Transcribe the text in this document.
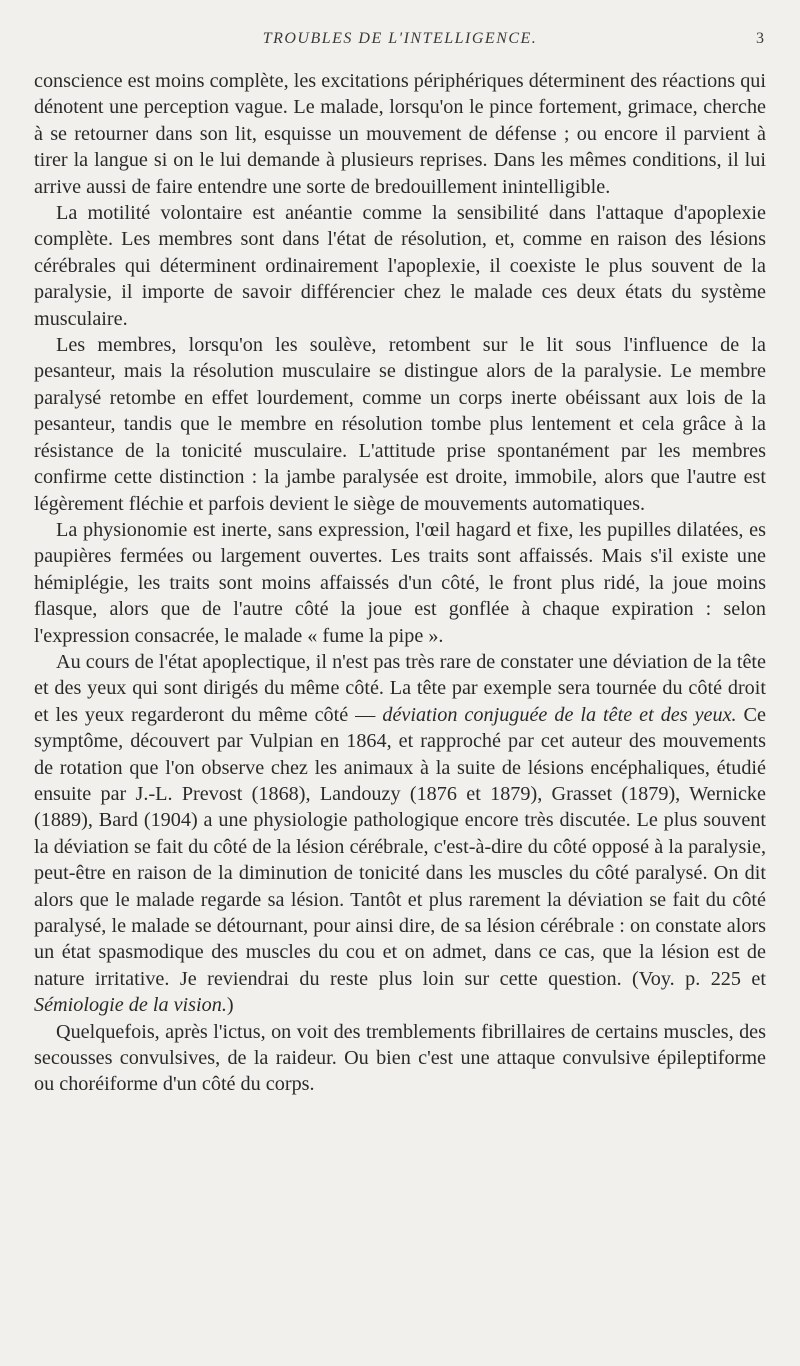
TROUBLES DE L'INTELLIGENCE.	3

conscience est moins complète, les excitations périphériques déterminent des réactions qui dénotent une perception vague. Le malade, lorsqu'on le pince fortement, grimace, cherche à se retourner dans son lit, esquisse un mouvement de défense ; ou encore il parvient à tirer la langue si on le lui demande à plusieurs reprises. Dans les mêmes conditions, il lui arrive aussi de faire entendre une sorte de bredouillement inintelligible.

La motilité volontaire est anéantie comme la sensibilité dans l'attaque d'apoplexie complète. Les membres sont dans l'état de résolution, et, comme en raison des lésions cérébrales qui déterminent ordinairement l'apoplexie, il coexiste le plus souvent de la paralysie, il importe de savoir différencier chez le malade ces deux états du système musculaire.

Les membres, lorsqu'on les soulève, retombent sur le lit sous l'influence de la pesanteur, mais la résolution musculaire se distingue alors de la paralysie. Le membre paralysé retombe en effet lourdement, comme un corps inerte obéissant aux lois de la pesanteur, tandis que le membre en résolution tombe plus lentement et cela grâce à la résistance de la tonicité musculaire. L'attitude prise spontanément par les membres confirme cette distinction : la jambe paralysée est droite, immobile, alors que l'autre est légèrement fléchie et parfois devient le siège de mouvements automatiques.

La physionomie est inerte, sans expression, l'œil hagard et fixe, les pupilles dilatées, es paupières fermées ou largement ouvertes. Les traits sont affaissés. Mais s'il existe une hémiplégie, les traits sont moins affaissés d'un côté, le front plus ridé, la joue moins flasque, alors que de l'autre côté la joue est gonflée à chaque expiration : selon l'expression consacrée, le malade « fume la pipe ».

Au cours de l'état apoplectique, il n'est pas très rare de constater une déviation de la tête et des yeux qui sont dirigés du même côté. La tête par exemple sera tournée du côté droit et les yeux regarderont du même côté — déviation conjuguée de la tête et des yeux. Ce symptôme, découvert par Vulpian en 1864, et rapproché par cet auteur des mouvements de rotation que l'on observe chez les animaux à la suite de lésions encéphaliques, étudié ensuite par J.-L. Prevost (1868), Landouzy (1876 et 1879), Grasset (1879), Wernicke (1889), Bard (1904) a une physiologie pathologique encore très discutée. Le plus souvent la déviation se fait du côté de la lésion cérébrale, c'est-à-dire du côté opposé à la paralysie, peut-être en raison de la diminution de tonicité dans les muscles du côté paralysé. On dit alors que le malade regarde sa lésion. Tantôt et plus rarement la déviation se fait du côté paralysé, le malade se détournant, pour ainsi dire, de sa lésion cérébrale : on constate alors un état spasmodique des muscles du cou et on admet, dans ce cas, que la lésion est de nature irritative. Je reviendrai du reste plus loin sur cette question. (Voy. p. 225 et Sémiologie de la vision.)

Quelquefois, après l'ictus, on voit des tremblements fibrillaires de certains muscles, des secousses convulsives, de la raideur. Ou bien c'est une attaque convulsive épileptiforme ou choréiforme d'un côté du corps.
